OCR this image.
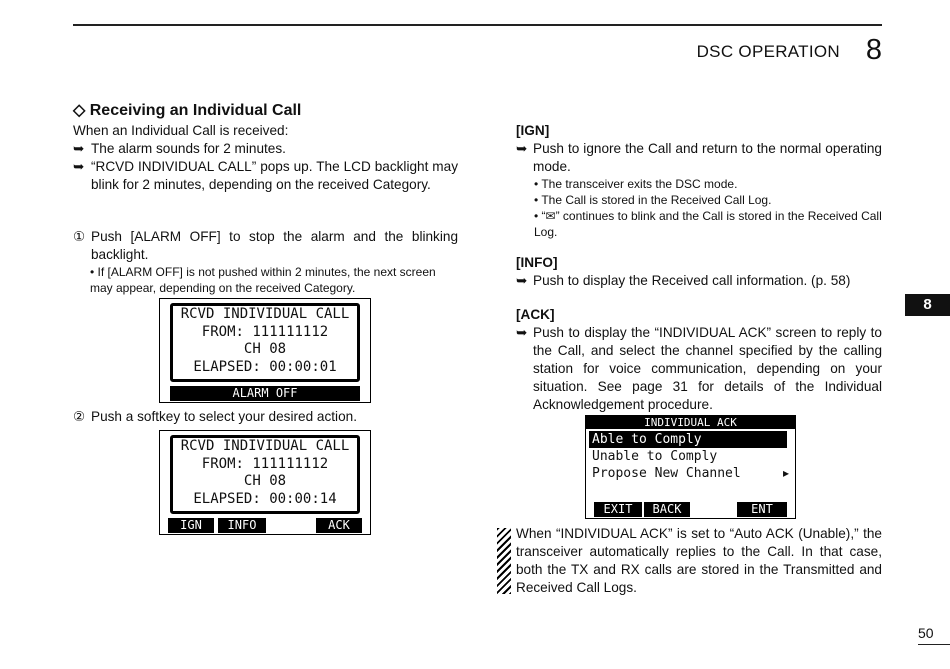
DSC OPERATION 8
8
◇ Receiving an Individual Call
When an Individual Call is received:
➥ The alarm sounds for 2 minutes.
➥ “RCVD INDIVIDUAL CALL” pops up. The LCD backlight may blink for 2 minutes, depending on the received Category.
① Push [ALARM OFF] to stop the alarm and the blinking backlight.
• If [ALARM OFF] is not pushed within 2 minutes, the next screen may appear, depending on the received Category.
RCVD INDIVIDUAL CALL
FROM: 111111112
CH 08
ELAPSED: 00:00:01
ALARM OFF
② Push a softkey to select your desired action.
RCVD INDIVIDUAL CALL
FROM: 111111112
CH 08
ELAPSED: 00:00:14
IGN	INFO	ACK
[IGN]
➥ Push to ignore the Call and return to the normal operating mode.
• The transceiver exits the DSC mode.
• The Call is stored in the Received Call Log.
• “✉” continues to blink and the Call is stored in the Received Call Log.
[INFO]
➥ Push to display the Received call information. (p. 58)
[ACK]
➥ Push to display the “INDIVIDUAL ACK” screen to reply to the Call, and select the channel specified by the calling station for voice communication, depending on your situation. See page 31 for details of the Individual Acknowledgement procedure.
INDIVIDUAL ACK
Able to Comply
Unable to Comply
Propose New Channel	▸
EXIT	BACK	ENT
When “INDIVIDUAL ACK” is set to “Auto ACK (Unable),” the transceiver automatically replies to the Call. In that case, both the TX and RX calls are stored in the Transmitted and Received Call Logs.
50
